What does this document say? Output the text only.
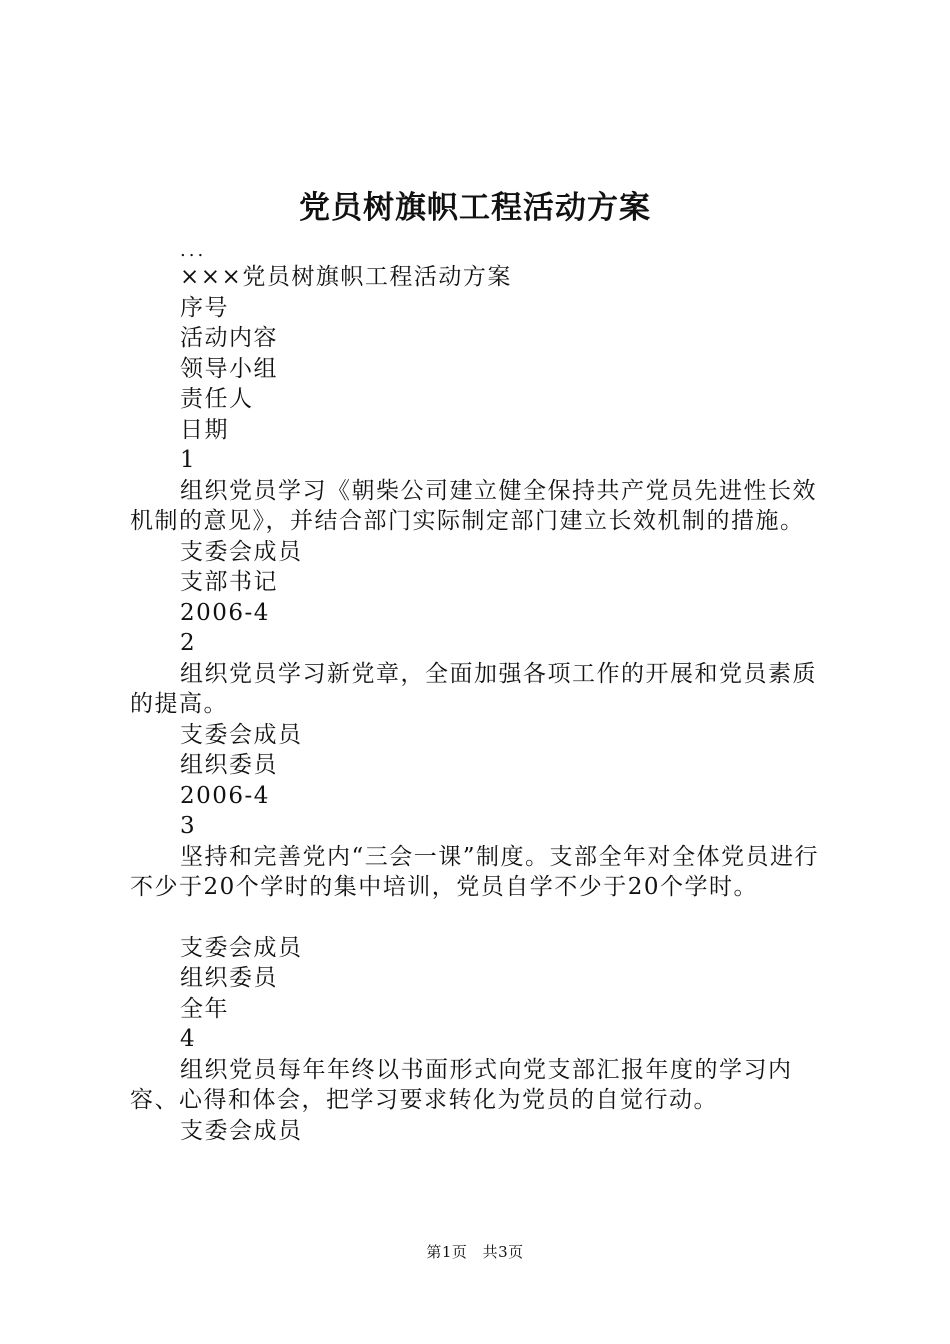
党员树旗帜工程活动方案

...

×××党员树旗帜工程活动方案

序号

活动内容

领导小组

责任人

日期

1

组织党员学习《朝柴公司建立健全保持共产党员先进性长效机制的意见》，并结合部门实际制定部门建立长效机制的措施。

支委会成员

支部书记

2006-4

2

组织党员学习新党章，全面加强各项工作的开展和党员素质的提高。

支委会成员

组织委员

2006-4

3

坚持和完善党内“三会一课”制度。支部全年对全体党员进行不少于20个学时的集中培训，党员自学不少于20个学时。

支委会成员

组织委员

全年

4

组织党员每年年终以书面形式向党支部汇报年度的学习内容、心得和体会，把学习要求转化为党员的自觉行动。

支委会成员

第1页 共3页
